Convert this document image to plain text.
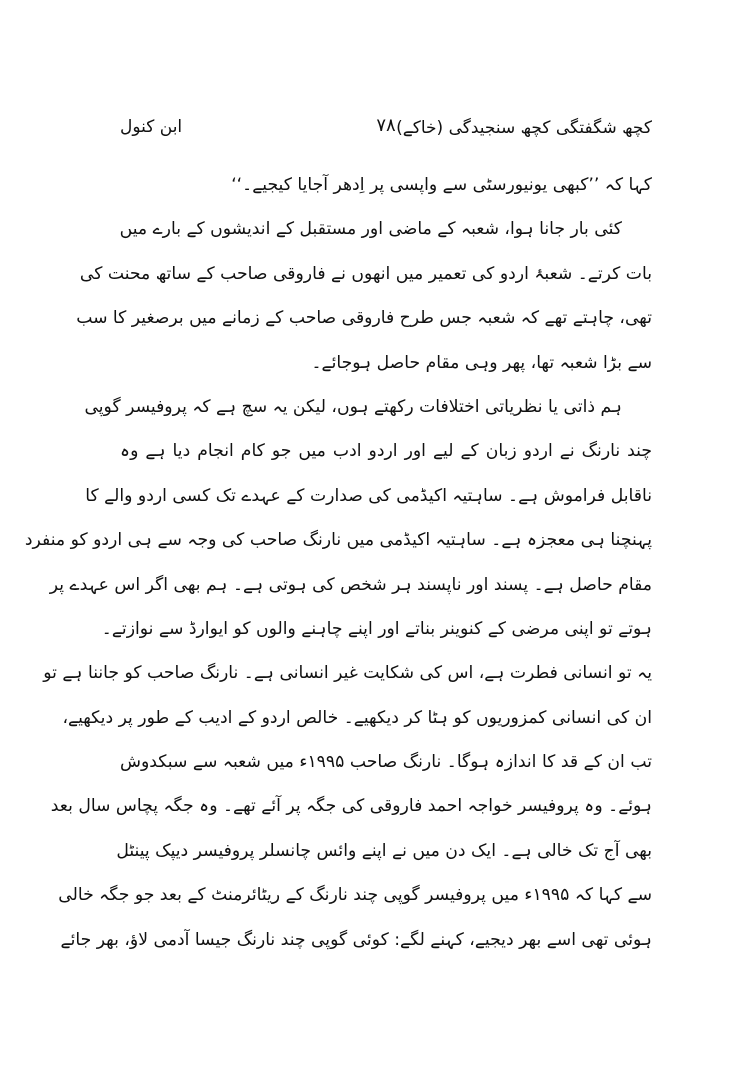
ابن کنول	۷۸ کچھ شگفتگی کچھ سنجیدگی (خاکے)
کہا کہ ’’کبھی یونیورسٹی سے واپسی پر اِدھر آجایا کیجیے۔‘‘
کئی بار جانا ہوا، شعبہ کے ماضی اور مستقبل کے اندیشوں کے بارے میں
بات کرتے۔ شعبۂ اردو کی تعمیر میں انھوں نے فاروقی صاحب کے ساتھ محنت کی
تھی، چاہتے تھے کہ شعبہ جس طرح فاروقی صاحب کے زمانے میں برصغیر کا سب
سے بڑا شعبہ تھا، پھر وہی مقام حاصل ہوجائے۔
ہم ذاتی یا نظریاتی اختلافات رکھتے ہوں، لیکن یہ سچ ہے کہ پروفیسر گوپی
چند نارنگ نے اردو زبان کے لیے اور اردو ادب میں جو کام انجام دیا ہے وہ
ناقابل فراموش ہے۔ ساہتیہ اکیڈمی کی صدارت کے عہدے تک کسی اردو والے کا
پہنچنا ہی معجزہ ہے۔ ساہتیہ اکیڈمی میں نارنگ صاحب کی وجہ سے ہی اردو کو منفرد
مقام حاصل ہے۔ پسند اور ناپسند ہر شخص کی ہوتی ہے۔ ہم بھی اگر اس عہدے پر
ہوتے تو اپنی مرضی کے کنوینر بناتے اور اپنے چاہنے والوں کو ایوارڈ سے نوازتے۔
یہ تو انسانی فطرت ہے، اس کی شکایت غیر انسانی ہے۔ نارنگ صاحب کو جاننا ہے تو
ان کی انسانی کمزوریوں کو ہٹا کر دیکھیے۔ خالص اردو کے ادیب کے طور پر دیکھیے،
تب ان کے قد کا اندازہ ہوگا۔ نارنگ صاحب ۱۹۹۵ء میں شعبہ سے سبکدوش
ہوئے۔ وہ پروفیسر خواجہ احمد فاروقی کی جگہ پر آئے تھے۔ وہ جگہ پچاس سال بعد
بھی آج تک خالی ہے۔ ایک دن میں نے اپنے وائس چانسلر پروفیسر دیپک پینٹل
سے کہا کہ ۱۹۹۵ء میں پروفیسر گوپی چند نارنگ کے ریٹائرمنٹ کے بعد جو جگہ خالی
ہوئی تھی اسے بھر دیجیے، کہنے لگے: کوئی گوپی چند نارنگ جیسا آدمی لاؤ، بھر جائے
